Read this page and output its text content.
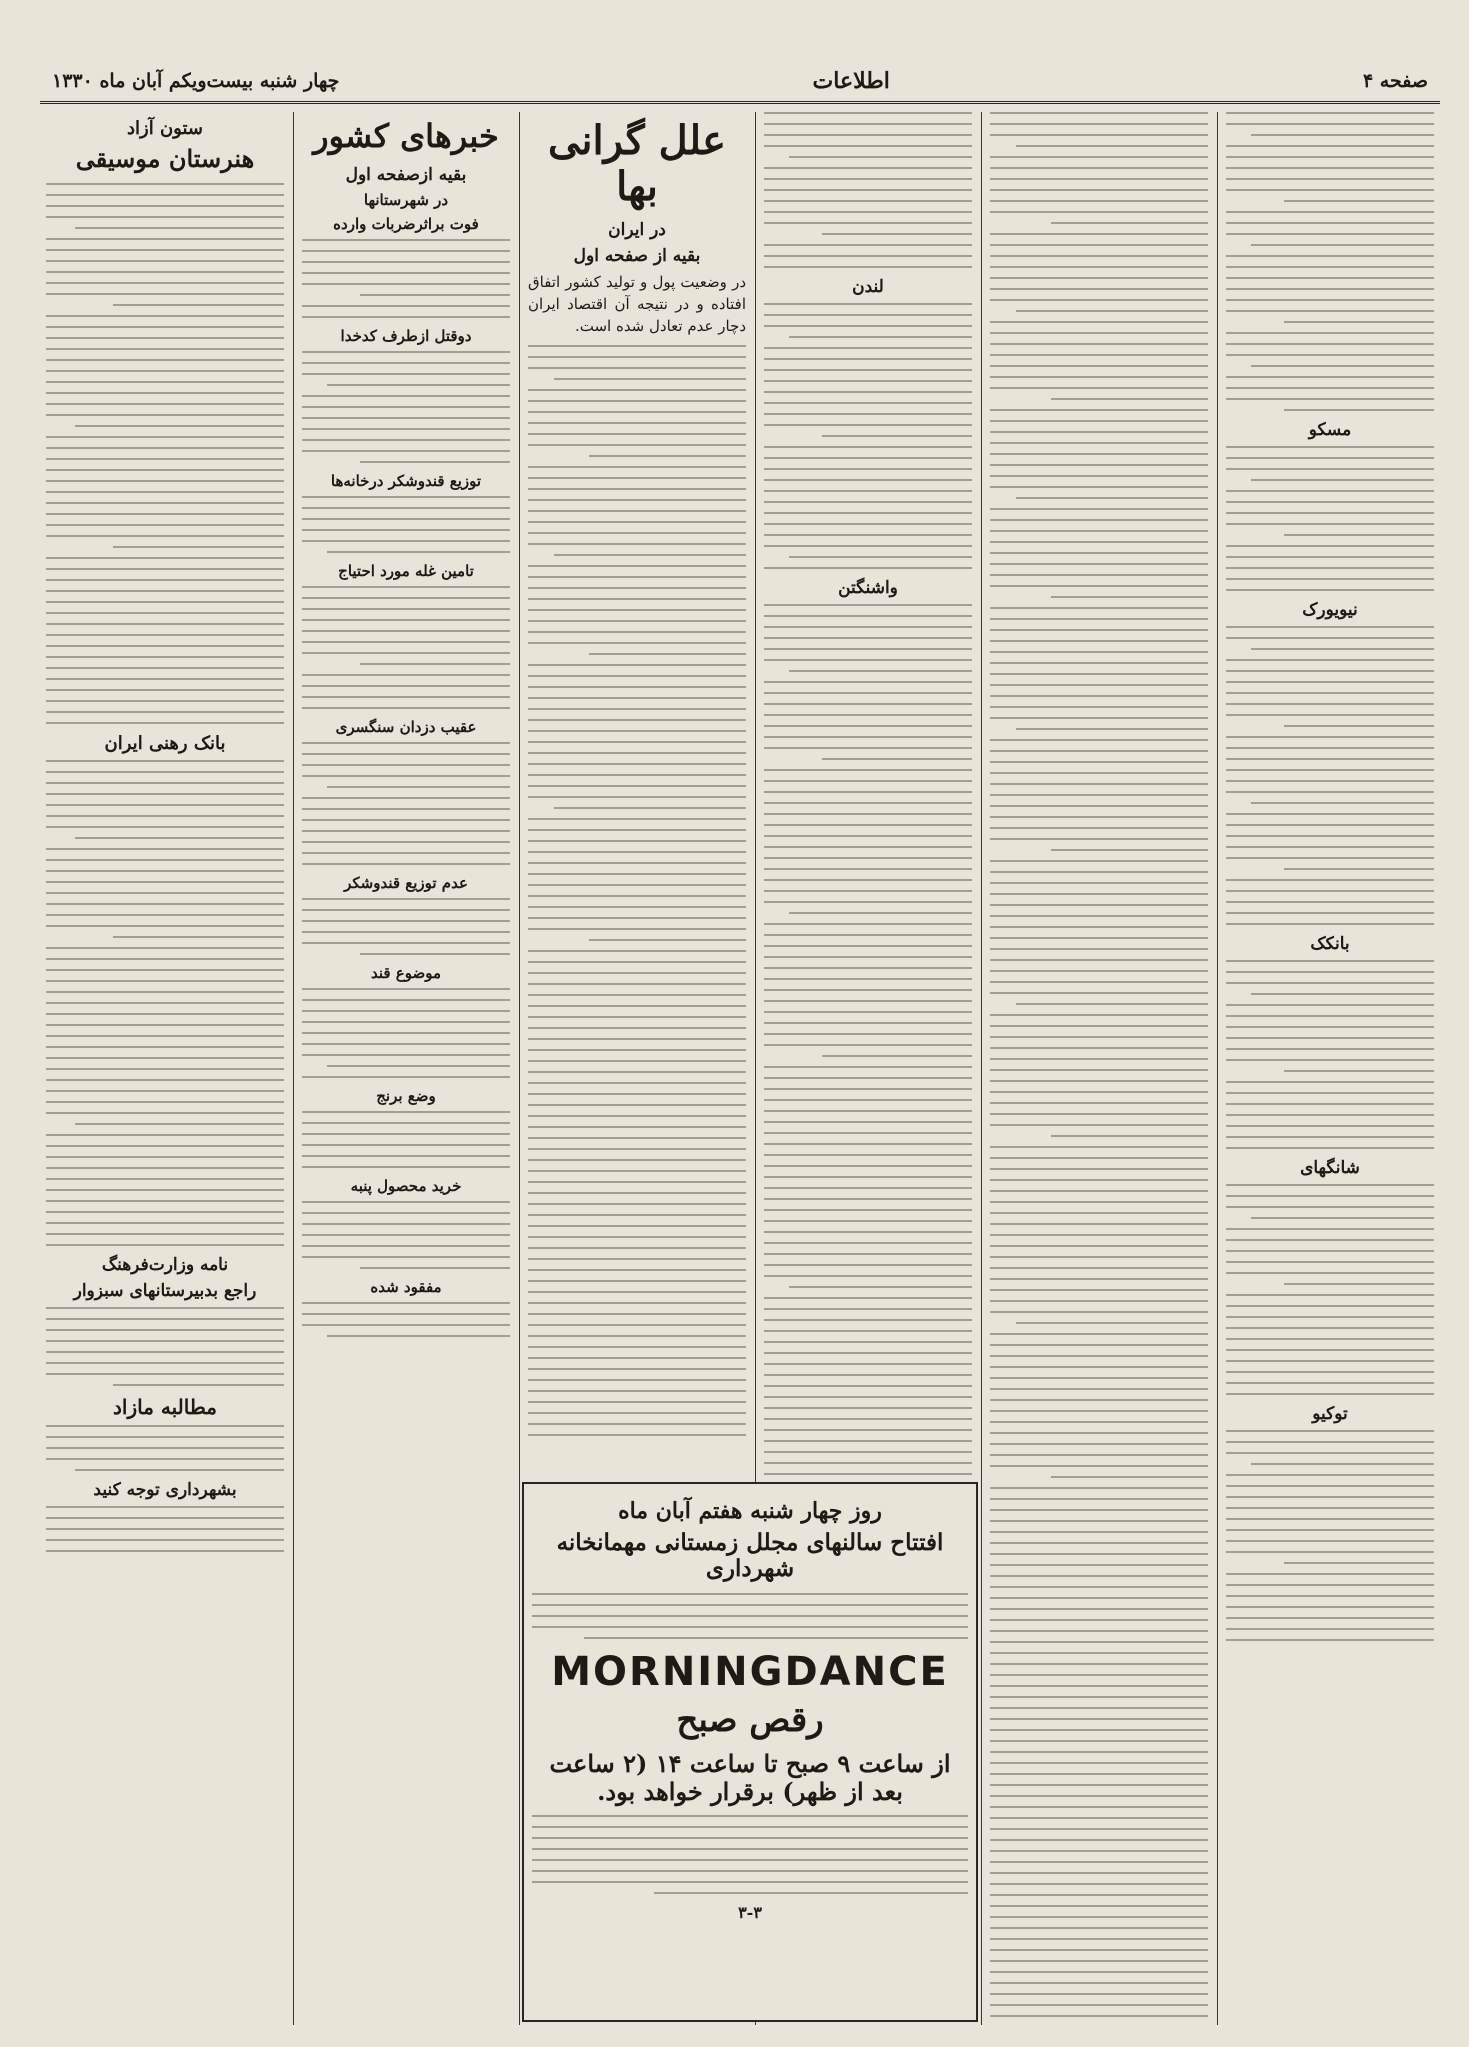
صفحه ۴
اطلاعات
چهار شنبه بیست‌ویکم آبان ماه ۱۳۳۰
مسکو
نیویورک
بانکک
شانگهای
توکیو
لندن
واشنگتن
علل گرانی بها
در ایران
بقیه از صفحه اول

در وضعیت پول و تولید کشور اتفاق افتاده و در نتیجه آن اقتصاد ایران دچار عدم تعادل شده است.

خبرهای کشور
بقیه ازصفحه اول
در شهرستانها
فوت براثرضربات وارده
دوقتل ازطرف کدخدا
توزیع قندوشکر درخانه‌ها
تامین غله مورد احتیاج
عقیب دزدان سنگسری
عدم توزیع قندوشکر
موضوع قند
وضع برنج
خرید محصول پنبه
مفقود شده
ستون آزاد
هنرستان موسیقی
بانک رهنی ایران
نامه وزارت‌فرهنگ
راجع بدبیرستانهای سبزوار
مطالبه مازاد
بشهرداری توجه کنید
روز چهار شنبه هفتم آبان ماه
افتتاح سالنهای مجلل زمستانی مهمانخانه شهرداری
MORNINGDANCE
رقص صبح
از ساعت ۹ صبح تا ساعت ۱۴ (۲ ساعت بعد از ظهر) برقرار خواهد بود.
۳-۳
